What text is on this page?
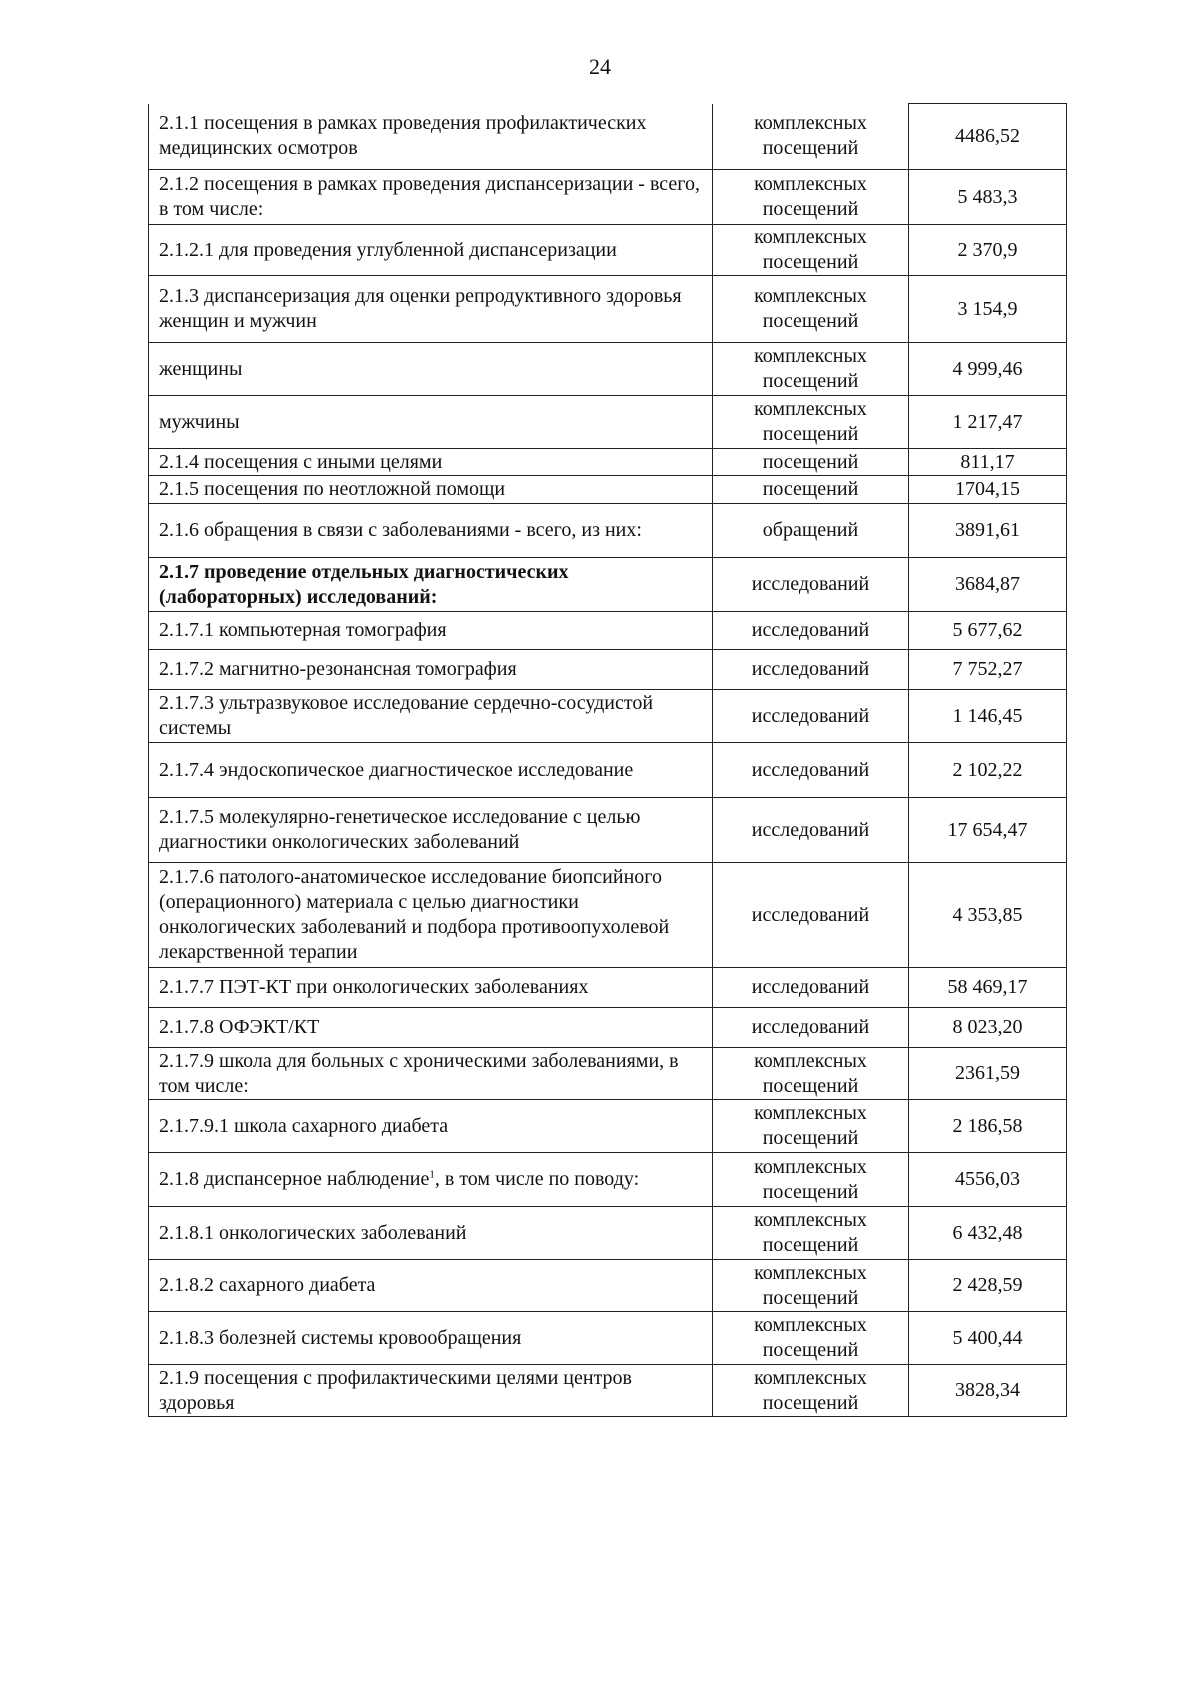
24
2.1.1 посещения в рамках проведения профилактических медицинских осмотров	комплексных посещений	4486,52
2.1.2 посещения в рамках проведения диспансеризации - всего, в том числе:	комплексных посещений	5 483,3
2.1.2.1 для проведения углубленной диспансеризации	комплексных посещений	2 370,9
2.1.3 диспансеризация для оценки репродуктивного здоровья женщин и мужчин	комплексных посещений	3 154,9
женщины	комплексных посещений	4 999,46
мужчины	комплексных посещений	1 217,47
2.1.4 посещения с иными целями	посещений	811,17
2.1.5 посещения по неотложной помощи	посещений	1704,15
2.1.6 обращения в связи с заболеваниями - всего, из них:	обращений	3891,61
2.1.7 проведение отдельных диагностических (лабораторных) исследований:	исследований	3684,87
2.1.7.1 компьютерная томография	исследований	5 677,62
2.1.7.2 магнитно-резонансная томография	исследований	7 752,27
2.1.7.3 ультразвуковое исследование сердечно-сосудистой системы	исследований	1 146,45
2.1.7.4 эндоскопическое диагностическое исследование	исследований	2 102,22
2.1.7.5 молекулярно-генетическое исследование с целью диагностики онкологических заболеваний	исследований	17 654,47
2.1.7.6 патолого-анатомическое исследование биопсийного (операционного) материала с целью диагностики онкологических заболеваний и подбора противоопухолевой лекарственной терапии	исследований	4 353,85
2.1.7.7 ПЭТ-КТ при онкологических заболеваниях	исследований	58 469,17
2.1.7.8 ОФЭКТ/КТ	исследований	8 023,20
2.1.7.9 школа для больных с хроническими заболеваниями, в том числе:	комплексных посещений	2361,59
2.1.7.9.1 школа сахарного диабета	комплексных посещений	2 186,58
2.1.8 диспансерное наблюдение$^1$, в том числе по поводу:	комплексных посещений	4556,03
2.1.8.1 онкологических заболеваний	комплексных посещений	6 432,48
2.1.8.2 сахарного диабета	комплексных посещений	2 428,59
2.1.8.3 болезней системы кровообращения	комплексных посещений	5 400,44
2.1.9 посещения с профилактическими целями центров здоровья	комплексных посещений	3828,34
